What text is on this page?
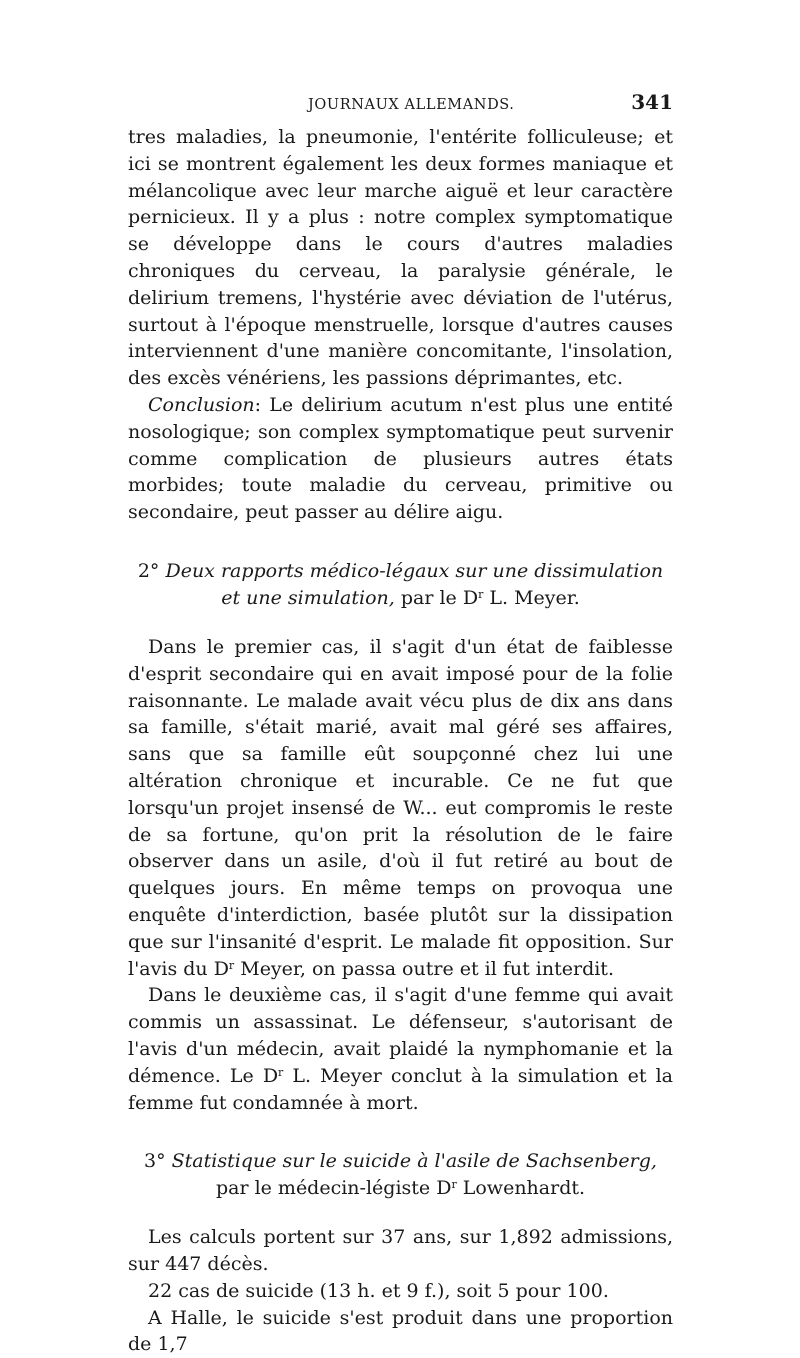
JOURNAUX ALLEMANDS.	341

tres maladies, la pneumonie, l'entérite folliculeuse; et ici se montrent également les deux formes maniaque et mélancolique avec leur marche aiguë et leur caractère pernicieux. Il y a plus : notre complex symptomatique se développe dans le cours d'autres maladies chroniques du cerveau, la paralysie générale, le delirium tremens, l'hystérie avec déviation de l'utérus, surtout à l'époque menstruelle, lorsque d'autres causes interviennent d'une manière concomitante, l'insolation, des excès vénériens, les passions déprimantes, etc.

Conclusion: Le delirium acutum n'est plus une entité nosologique; son complex symptomatique peut survenir comme complication de plusieurs autres états morbides; toute maladie du cerveau, primitive ou secondaire, peut passer au délire aigu.

2° Deux rapports médico-légaux sur une dissimulation et une simulation, par le $D^r$ L. Meyer.

Dans le premier cas, il s'agit d'un état de faiblesse d'esprit secondaire qui en avait imposé pour de la folie raisonnante. Le malade avait vécu plus de dix ans dans sa famille, s'était marié, avait mal géré ses affaires, sans que sa famille eût soupçonné chez lui une altération chronique et incurable. Ce ne fut que lorsqu'un projet insensé de W... eut compromis le reste de sa fortune, qu'on prit la résolution de le faire observer dans un asile, d'où il fut retiré au bout de quelques jours. En même temps on provoqua une enquête d'interdiction, basée plutôt sur la dissipation que sur l'insanité d'esprit. Le malade fit opposition. Sur l'avis du $D^r$ Meyer, on passa outre et il fut interdit.

Dans le deuxième cas, il s'agit d'une femme qui avait commis un assassinat. Le défenseur, s'autorisant de l'avis d'un médecin, avait plaidé la nymphomanie et la démence. Le $D^r$ L. Meyer conclut à la simulation et la femme fut condamnée à mort.

3° Statistique sur le suicide à l'asile de Sachsenberg, par le médecin-légiste $D^r$ Lowenhardt.

Les calculs portent sur 37 ans, sur 1,892 admissions, sur 447 décès.

22 cas de suicide (13 h. et 9 f.), soit 5 pour 100.

A Halle, le suicide s'est produit dans une proportion de 1,7
